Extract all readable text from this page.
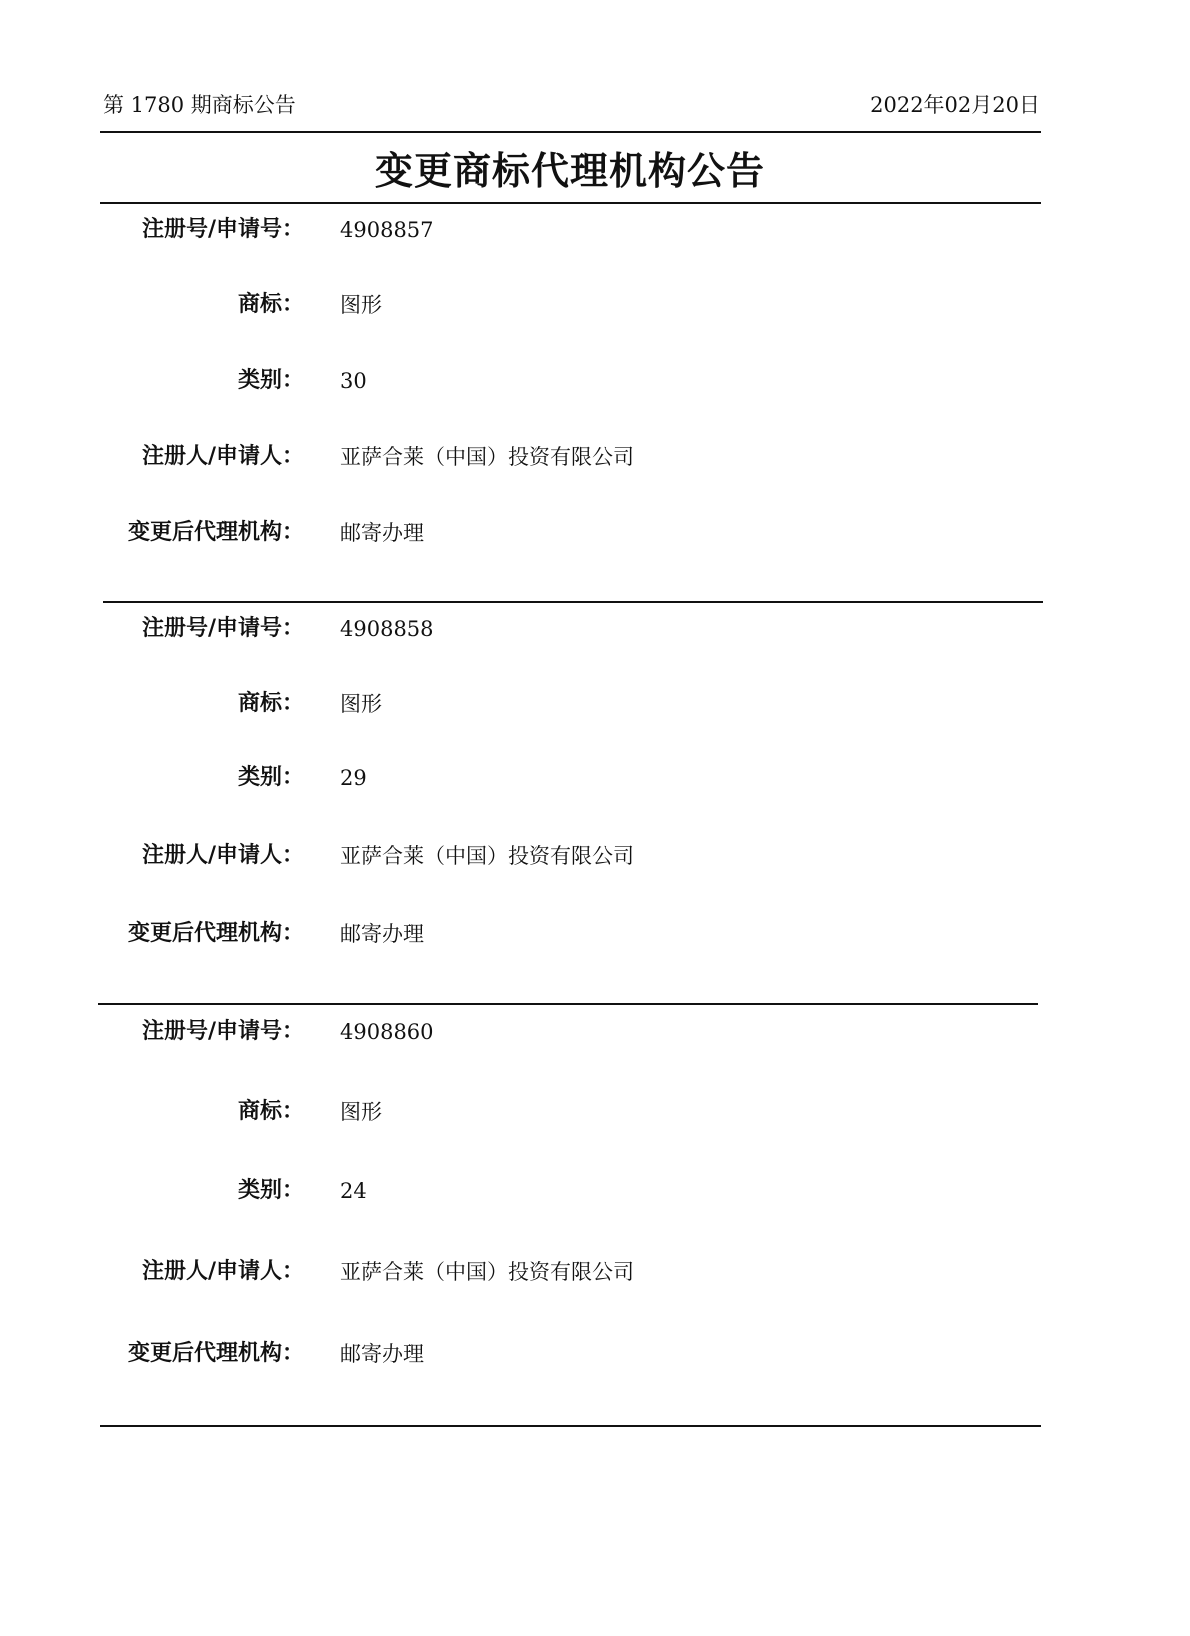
第 1780 期商标公告	2022年02月20日
变更商标代理机构公告
注册号/申请号： 4908857
商标： 图形
类别： 30
注册人/申请人： 亚萨合莱（中国）投资有限公司
变更后代理机构： 邮寄办理
注册号/申请号： 4908858
商标： 图形
类别： 29
注册人/申请人： 亚萨合莱（中国）投资有限公司
变更后代理机构： 邮寄办理
注册号/申请号： 4908860
商标： 图形
类别： 24
注册人/申请人： 亚萨合莱（中国）投资有限公司
变更后代理机构： 邮寄办理
